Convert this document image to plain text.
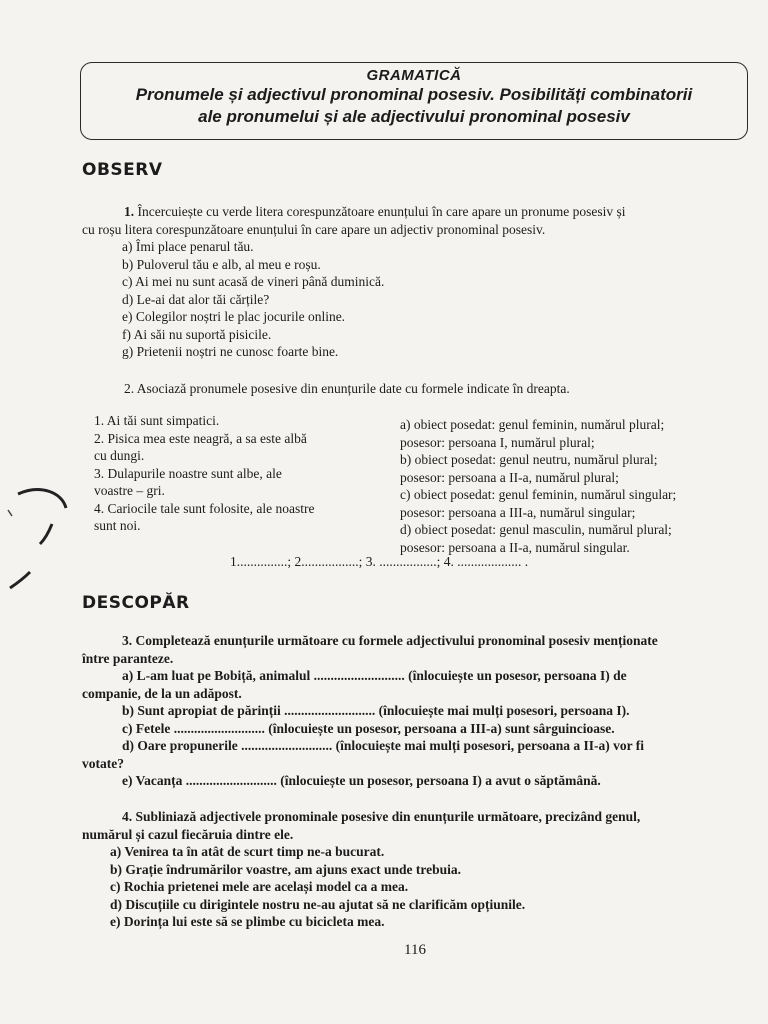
GRAMATICĂ
Pronumele și adjectivul pronominal posesiv. Posibilități combinatorii
ale pronumelui și ale adjectivului pronominal posesiv
OBSERV
1. Încercuiește cu verde litera corespunzătoare enunțului în care apare un pronume posesiv și
cu roșu litera corespunzătoare enunțului în care apare un adjectiv pronominal posesiv.
a) Îmi place penarul tău.
b) Puloverul tău e alb, al meu e roșu.
c) Ai mei nu sunt acasă de vineri până duminică.
d) Le-ai dat alor tăi cărțile?
e) Colegilor noștri le plac jocurile online.
f) Ai săi nu suportă pisicile.
g) Prietenii noștri ne cunosc foarte bine.
2. Asociază pronumele posesive din enunțurile date cu formele indicate în dreapta.
1. Ai tăi sunt simpatici.
2. Pisica mea este neagră, a sa este albă
cu dungi.
3. Dulapurile noastre sunt albe, ale
voastre – gri.
4. Cariocile tale sunt folosite, ale noastre
sunt noi.
a) obiect posedat: genul feminin, numărul plural;
posesor: persoana I, numărul plural;
b) obiect posedat: genul neutru, numărul plural;
posesor: persoana a II-a, numărul plural;
c) obiect posedat: genul feminin, numărul singular;
posesor: persoana a III-a, numărul singular;
d) obiect posedat: genul masculin, numărul plural;
posesor: persoana a II-a, numărul singular.
1...............; 2.................; 3. .................; 4. ................... .
DESCOPĂR
3. Completează enunțurile următoare cu formele adjectivului pronominal posesiv menționate
între paranteze.
a) L-am luat pe Bobiță, animalul ........................... (înlocuiește un posesor, persoana I) de
companie, de la un adăpost.
b) Sunt apropiat de părinții ........................... (înlocuiește mai mulți posesori, persoana I).
c) Fetele ........................... (înlocuiește un posesor, persoana a III-a) sunt sârguincioase.
d) Oare propunerile ........................... (înlocuiește mai mulți posesori, persoana a II-a) vor fi
votate?
e) Vacanța ........................... (înlocuiește un posesor, persoana I) a avut o săptămână.
4. Subliniază adjectivele pronominale posesive din enunțurile următoare, precizând genul,
numărul și cazul fiecăruia dintre ele.
a) Venirea ta în atât de scurt timp ne-a bucurat.
b) Grație îndrumărilor voastre, am ajuns exact unde trebuia.
c) Rochia prietenei mele are același model ca a mea.
d) Discuțiile cu dirigintele nostru ne-au ajutat să ne clarificăm opțiunile.
e) Dorința lui este să se plimbe cu bicicleta mea.
116
